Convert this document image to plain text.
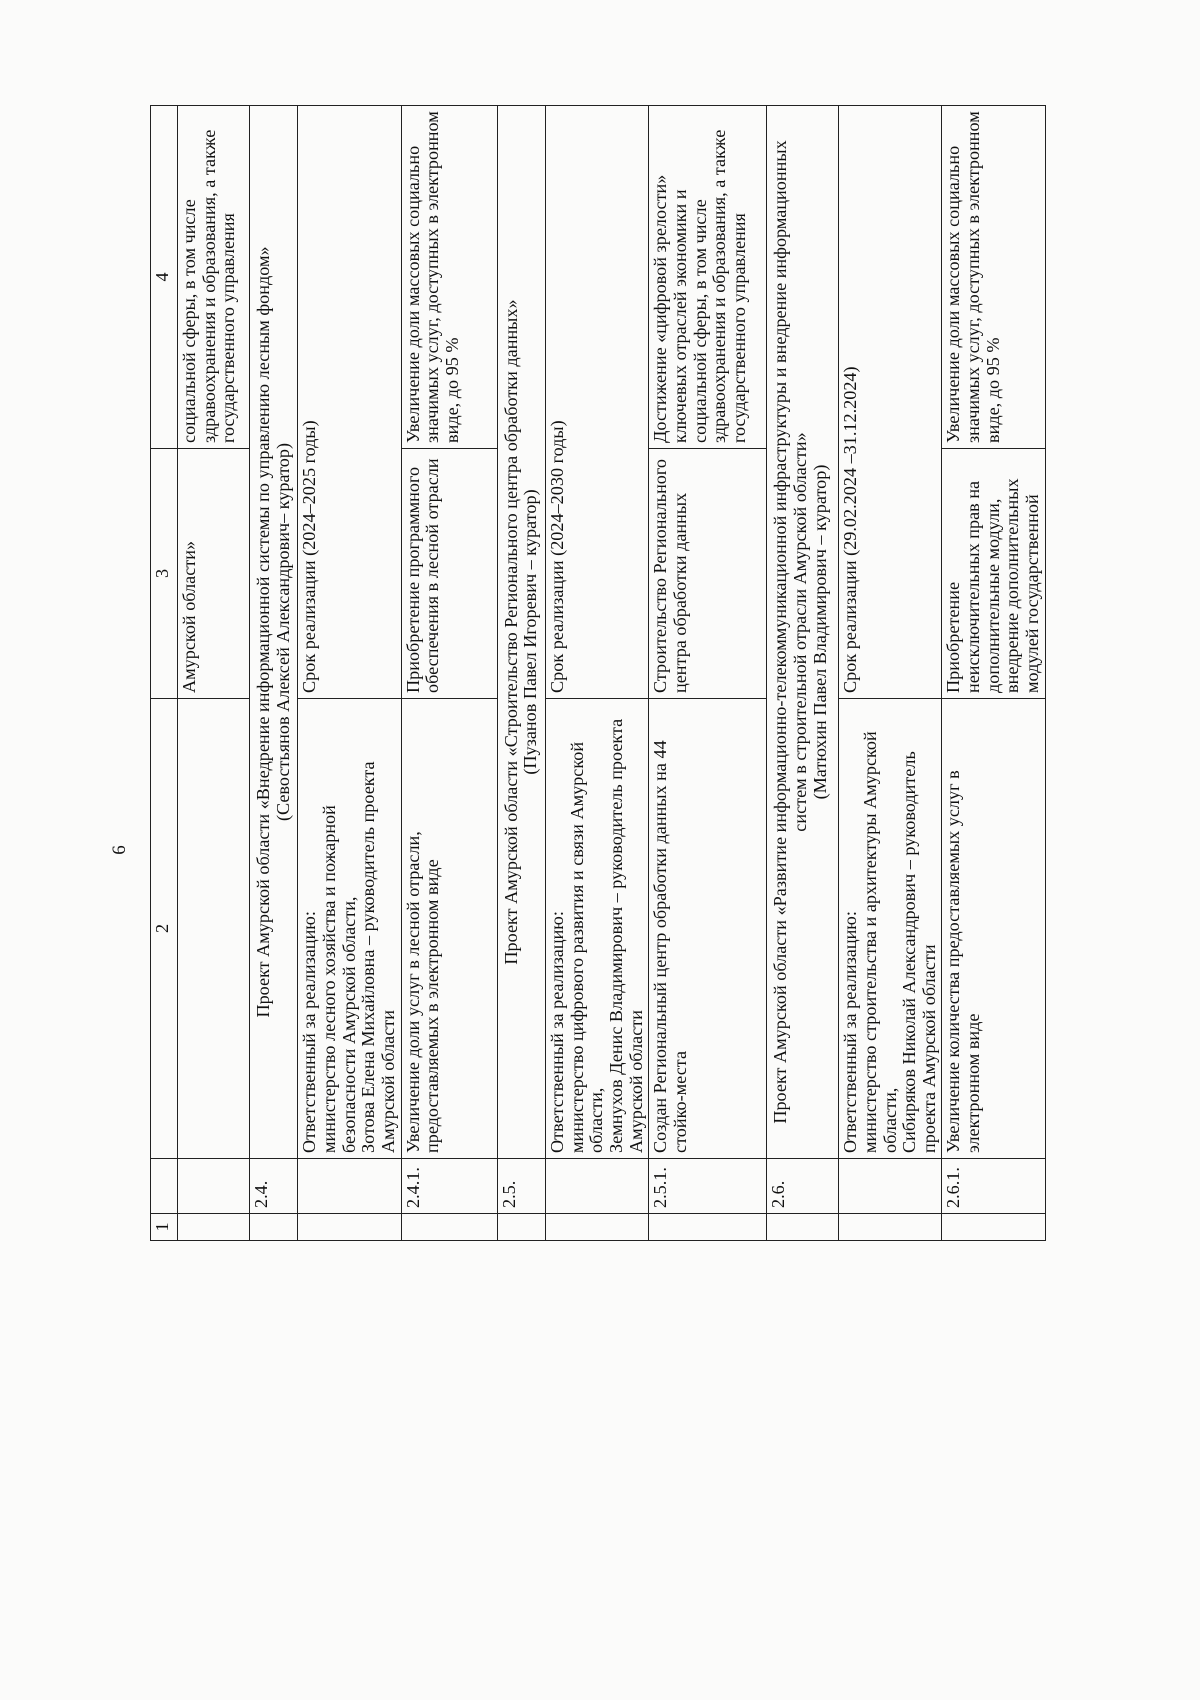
6
1		2	3	4
			Амурской области»	социальной сферы, в том числе здравоохранения и образования, а также государственного управления
	2.4.	Проект Амурской области «Внедрение информационной системы по управлению лесным фондом» (Севостьянов Алексей Александрович– куратор)		

		Ответственный за реализацию: министерство лесного хозяйства и пожарной безопасности Амурской области, Зотова Елена Михайловна – руководитель проекта Амурской области	Срок реализации (2024–2025 годы)	
	2.4.1.	Увеличение доли услуг в лесной отрасли, предоставляемых в электронном виде	Приобретение программного обеспечения в лесной отрасли	Увеличение доли массовых социально значимых услуг, доступных в электронном виде, до 95 %
	2.5.	Проект Амурской области «Строительство Регионального центра обработки данных» (Пузанов Павел Игоревич – куратор)		

		Ответственный за реализацию: министерство цифрового развития и связи Амурской области, Земнухов Денис Владимирович – руководитель проекта Амурской области	Срок реализации (2024–2030 годы)	
	2.5.1.	Создан Региональный центр обработки данных на 44 стойко-места	Строительство Регионального центра обработки данных	Достижение «цифровой зрелости» ключевых отраслей экономики и социальной сферы, в том числе здравоохранения и образования, а также государственного управления
	2.6.	Проект Амурской области «Развитие информационно-телекоммуникационной инфраструктуры и внедрение информационных систем в строительной отрасли Амурской области» (Матюхин Павел Владимирович – куратор)		

		Ответственный за реализацию: министерство строительства и архитектуры Амурской области, Сибиряков Николай Александрович – руководитель проекта Амурской области	Срок реализации (29.02.2024 –31.12.2024)	
	2.6.1.	Увеличение количества предоставляемых услуг в электронном виде	Приобретение неисключительных прав на дополнительные модули, внедрение дополнительных модулей государственной	Увеличение доли массовых социально значимых услуг, доступных в электронном виде, до 95 %
